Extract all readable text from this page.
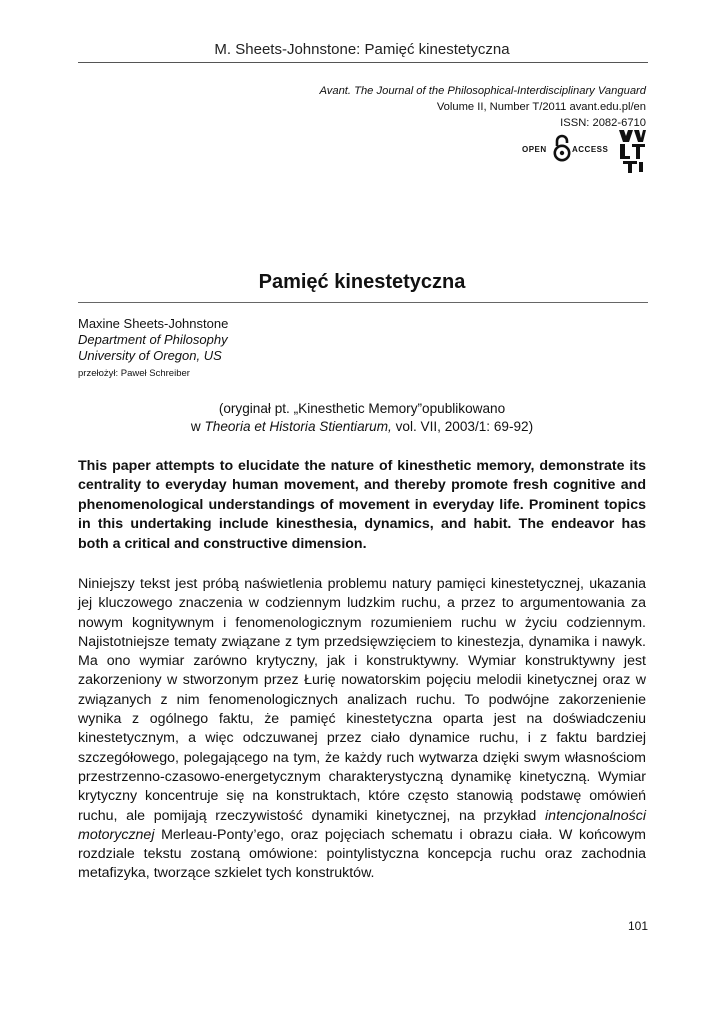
M. Sheets-Johnstone: Pamięć kinestetyczna
Avant. The Journal of the Philosophical-Interdisciplinary Vanguard
Volume II, Number T/2011 avant.edu.pl/en
ISSN: 2082-6710
OPEN	ACCESS
Pamięć kinestetyczna
Maxine Sheets-Johnstone
Department of Philosophy
University of Oregon, US
przełożył: Paweł Schreiber
(oryginał pt. „Kinesthetic Memory”opublikowano
w Theoria et Historia Stientiarum, vol. VII, 2003/1: 69-92)
This paper attempts to elucidate the nature of kinesthetic memory, demonstrate its centrality to everyday human movement, and thereby promote fresh cognitive and phenomenological understandings of movement in everyday life. Prominent topics in this undertaking include kinesthesia, dynamics, and habit. The endeavor has both a critical and constructive dimension.
Niniejszy tekst jest próbą naświetlenia problemu natury pamięci kinestetycznej, ukazania jej kluczowego znaczenia w codziennym ludzkim ruchu, a przez to argumentowania za nowym kognitywnym i fenomenologicznym rozumieniem ruchu w życiu codziennym. Najistotniejsze tematy związane z tym przedsięwzięciem to kinestezja, dynamika i nawyk. Ma ono wymiar zarówno krytyczny, jak i konstruktywny. Wymiar konstruktywny jest zakorzeniony w stworzonym przez Łurię nowatorskim pojęciu melodii kinetycznej oraz w związanych z nim fenomenologicznych analizach ruchu. To podwójne zakorzenienie wynika z ogólnego faktu, że pamięć kinestetyczna oparta jest na doświadczeniu kinestetycznym, a więc odczuwanej przez ciało dynamice ruchu, i z faktu bardziej szczegółowego, polegającego na tym, że każdy ruch wytwarza dzięki swym własnościom przestrzenno-czasowo-energetycznym charakterystyczną dynamikę kinetyczną. Wymiar krytyczny koncentruje się na konstruktach, które często stanowią podstawę omówień ruchu, ale pomijają rzeczywistość dynamiki kinetycznej, na przykład intencjonalności motorycznej Merleau-Ponty’ego, oraz pojęciach schematu i obrazu ciała. W końcowym rozdziale tekstu zostaną omówione: pointylistyczna koncepcja ruchu oraz zachodnia metafizyka, tworzące szkielet tych konstruktów.
101
